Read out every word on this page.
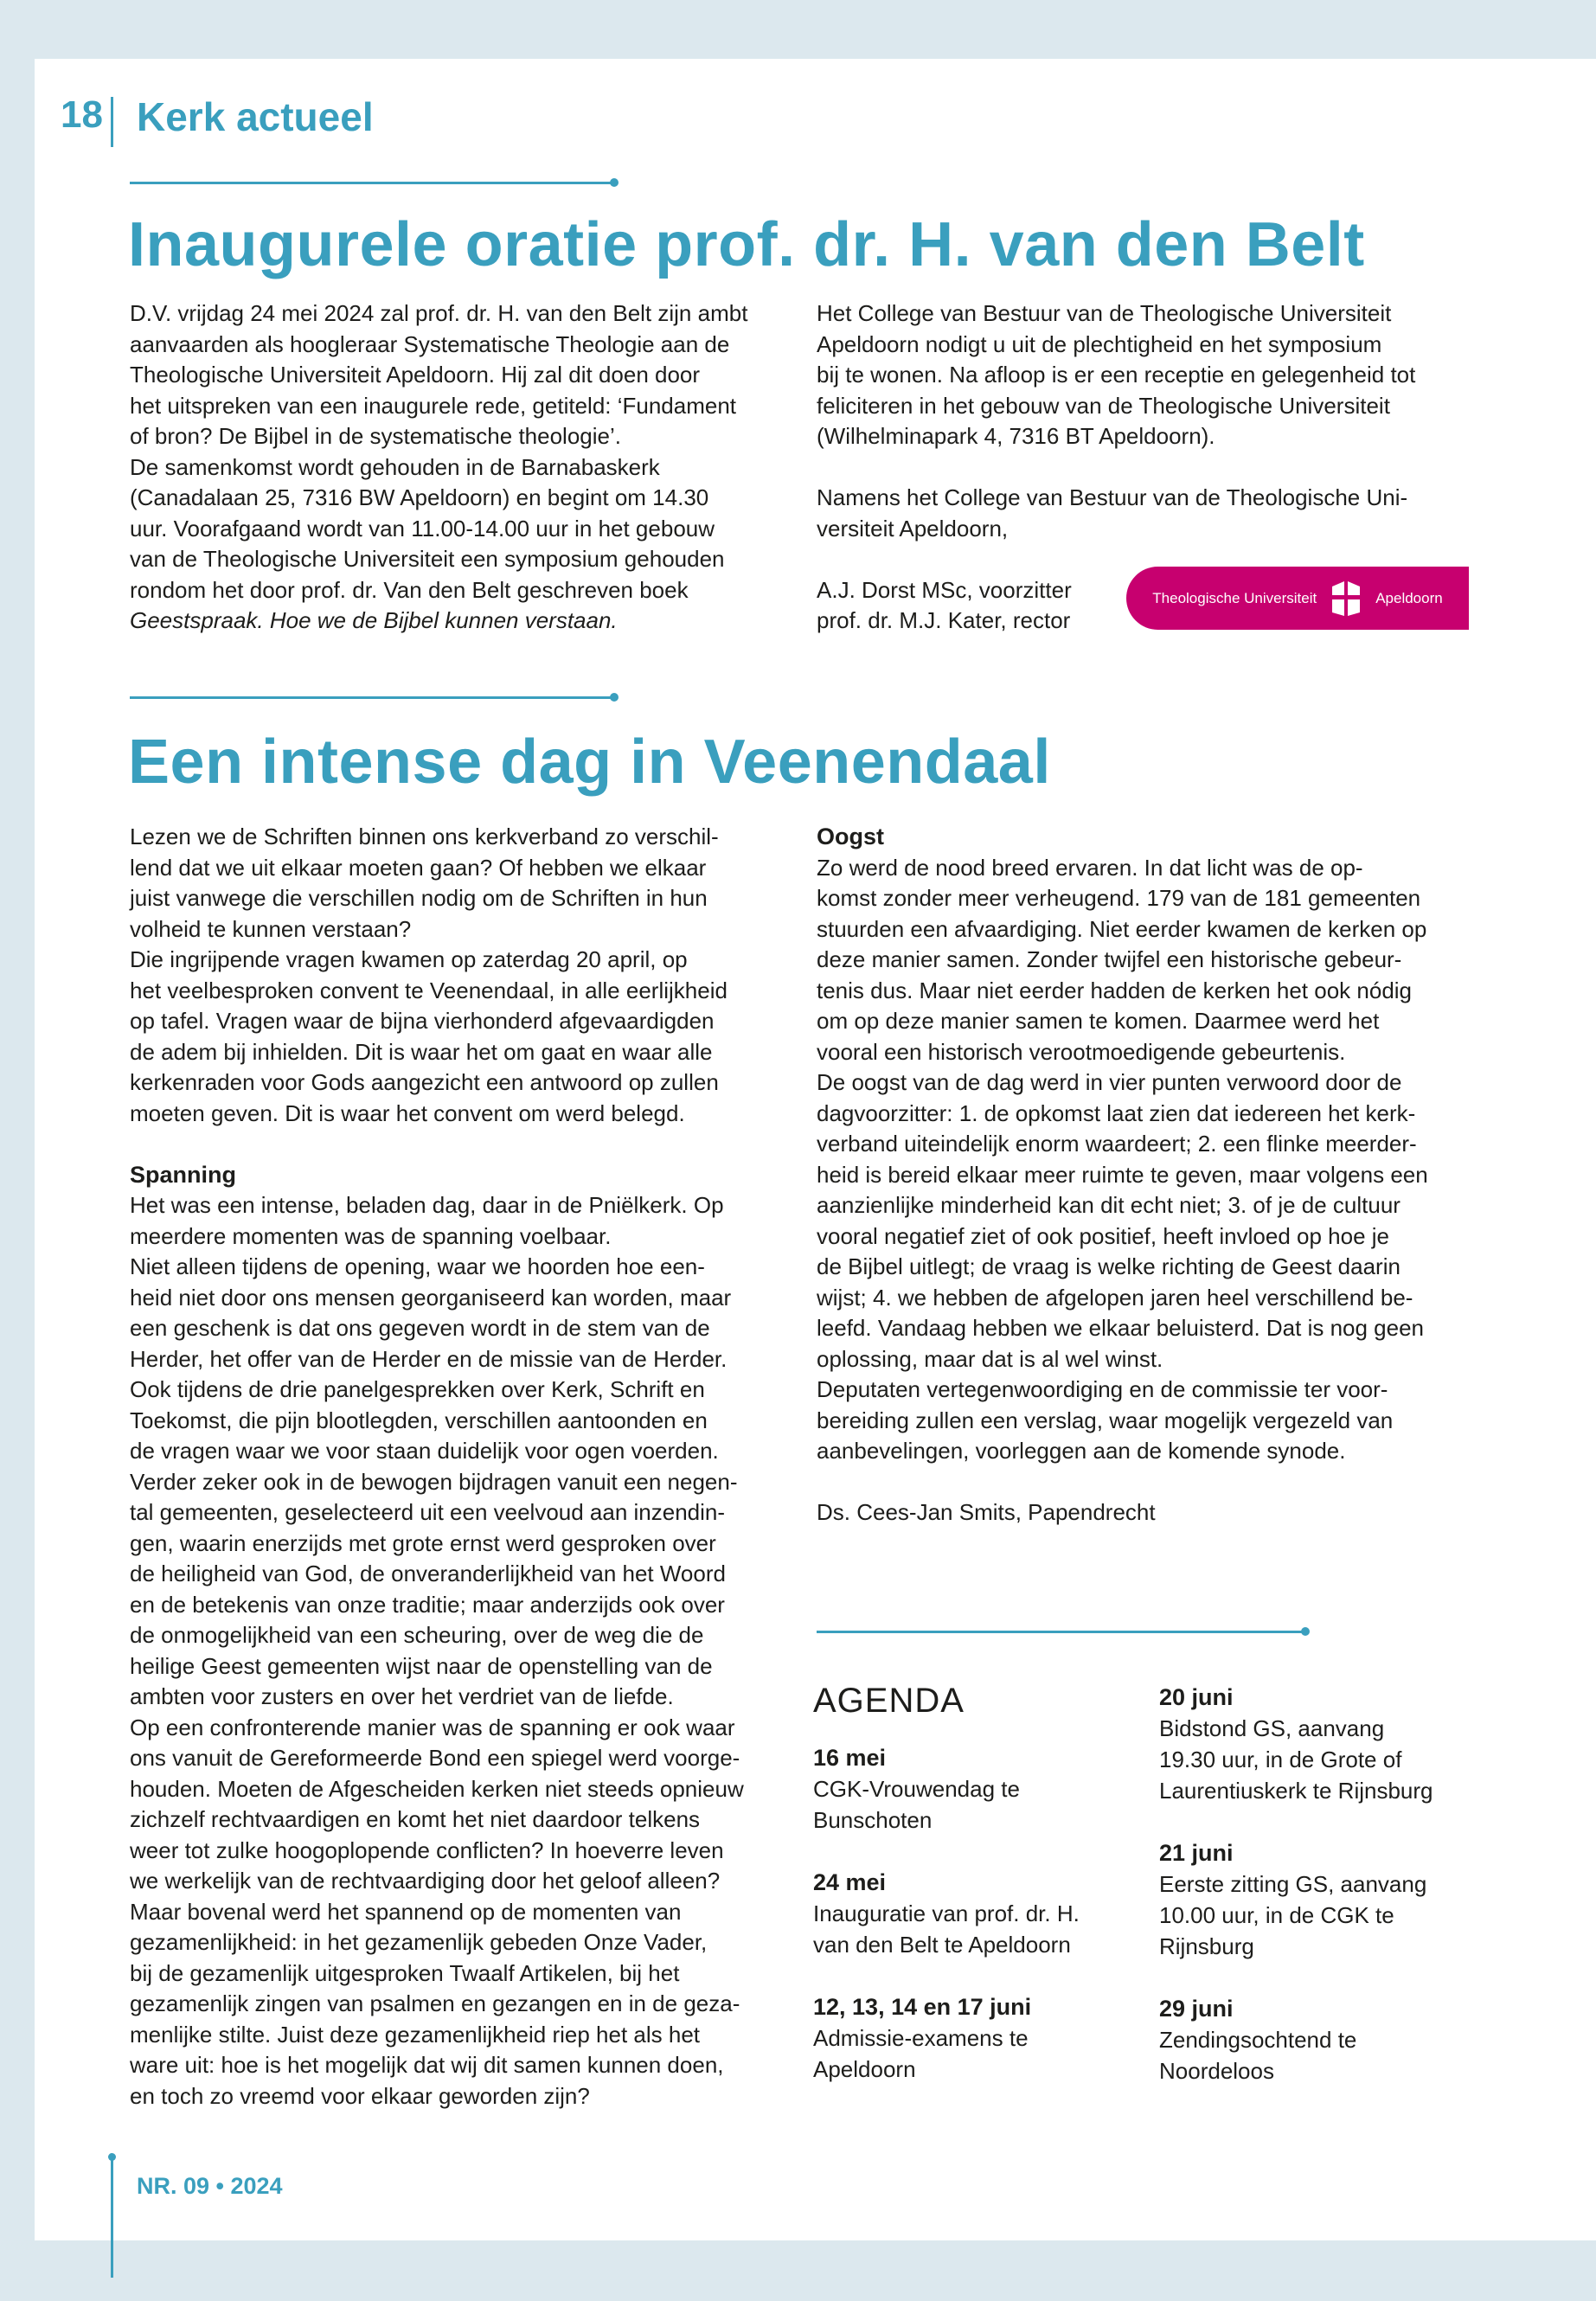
18 Kerk actueel
Inaugurele oratie prof. dr. H. van den Belt

D.V. vrijdag 24 mei 2024 zal prof. dr. H. van den Belt zijn ambt

aanvaarden als hoogleraar Systematische Theologie aan de

Theologische Universiteit Apeldoorn. Hij zal dit doen door

het uitspreken van een inaugurele rede, getiteld: ‘Fundament

of bron? De Bijbel in de systematische theologie’.

De samenkomst wordt gehouden in de Barnabaskerk

(Canadalaan 25, 7316 BW Apeldoorn) en begint om 14.30

uur. Voorafgaand wordt van 11.00-14.00 uur in het gebouw

van de Theologische Universiteit een symposium gehouden

rondom het door prof. dr. Van den Belt geschreven boek

Geestspraak. Hoe we de Bijbel kunnen verstaan.

Het College van Bestuur van de Theologische Universiteit

Apeldoorn nodigt u uit de plechtigheid en het symposium

bij te wonen. Na afloop is er een receptie en gelegenheid tot

feliciteren in het gebouw van de Theologische Universiteit

(Wilhelminapark 4, 7316 BT Apeldoorn).

Namens het College van Bestuur van de Theologische Uni-

versiteit Apeldoorn,

A.J. Dorst MSc, voorzitter

prof. dr. M.J. Kater, rector

Theologische Universiteit	Apeldoorn
Een intense dag in Veenendaal

Lezen we de Schriften binnen ons kerkverband zo verschil-

lend dat we uit elkaar moeten gaan? Of hebben we elkaar

juist vanwege die verschillen nodig om de Schriften in hun

volheid te kunnen verstaan?

Die ingrijpende vragen kwamen op zaterdag 20 april, op

het veelbesproken convent te Veenendaal, in alle eerlijkheid

op tafel. Vragen waar de bijna vierhonderd afgevaardigden

de adem bij inhielden. Dit is waar het om gaat en waar alle

kerkenraden voor Gods aangezicht een antwoord op zullen

moeten geven. Dit is waar het convent om werd belegd.

Spanning

Het was een intense, beladen dag, daar in de Pniëlkerk. Op

meerdere momenten was de spanning voelbaar.

Niet alleen tijdens de opening, waar we hoorden hoe een-

heid niet door ons mensen georganiseerd kan worden, maar

een geschenk is dat ons gegeven wordt in de stem van de

Herder, het offer van de Herder en de missie van de Herder.

Ook tijdens de drie panelgesprekken over Kerk, Schrift en

Toekomst, die pijn blootlegden, verschillen aantoonden en

de vragen waar we voor staan duidelijk voor ogen voerden.

Verder zeker ook in de bewogen bijdragen vanuit een negen-

tal gemeenten, geselecteerd uit een veelvoud aan inzendin-

gen, waarin enerzijds met grote ernst werd gesproken over

de heiligheid van God, de onveranderlijkheid van het Woord

en de betekenis van onze traditie; maar anderzijds ook over

de onmogelijkheid van een scheuring, over de weg die de

heilige Geest gemeenten wijst naar de openstelling van de

ambten voor zusters en over het verdriet van de liefde.

Op een confronterende manier was de spanning er ook waar

ons vanuit de Gereformeerde Bond een spiegel werd voorge-

houden. Moeten de Afgescheiden kerken niet steeds opnieuw

zichzelf rechtvaardigen en komt het niet daardoor telkens

weer tot zulke hoogoplopende conflicten? In hoeverre leven

we werkelijk van de rechtvaardiging door het geloof alleen?

Maar bovenal werd het spannend op de momenten van

gezamenlijkheid: in het gezamenlijk gebeden Onze Vader,

bij de gezamenlijk uitgesproken Twaalf Artikelen, bij het

gezamenlijk zingen van psalmen en gezangen en in de geza-

menlijke stilte. Juist deze gezamenlijkheid riep het als het

ware uit: hoe is het mogelijk dat wij dit samen kunnen doen,

en toch zo vreemd voor elkaar geworden zijn?

Oogst

Zo werd de nood breed ervaren. In dat licht was de op-

komst zonder meer verheugend. 179 van de 181 gemeenten

stuurden een afvaardiging. Niet eerder kwamen de kerken op

deze manier samen. Zonder twijfel een historische gebeur-

tenis dus. Maar niet eerder hadden de kerken het ook nódig

om op deze manier samen te komen. Daarmee werd het

vooral een historisch verootmoedigende gebeurtenis.

De oogst van de dag werd in vier punten verwoord door de

dagvoorzitter: 1. de opkomst laat zien dat iedereen het kerk-

verband uiteindelijk enorm waardeert; 2. een flinke meerder-

heid is bereid elkaar meer ruimte te geven, maar volgens een

aanzienlijke minderheid kan dit echt niet; 3. of je de cultuur

vooral negatief ziet of ook positief, heeft invloed op hoe je

de Bijbel uitlegt; de vraag is welke richting de Geest daarin

wijst; 4. we hebben de afgelopen jaren heel verschillend be-

leefd. Vandaag hebben we elkaar beluisterd. Dat is nog geen

oplossing, maar dat is al wel winst.

Deputaten vertegenwoordiging en de commissie ter voor-

bereiding zullen een verslag, waar mogelijk vergezeld van

aanbevelingen, voorleggen aan de komende synode.

Ds. Cees-Jan Smits, Papendrecht

AGENDA
16 mei
CGK-Vrouwendag te
Bunschoten
24 mei
Inauguratie van prof. dr. H.
van den Belt te Apeldoorn
12, 13, 14 en 17 juni
Admissie-examens te
Apeldoorn
20 juni
Bidstond GS, aanvang
19.30 uur, in de Grote of
Laurentiuskerk te Rijnsburg
21 juni
Eerste zitting GS, aanvang
10.00 uur, in de CGK te
Rijnsburg
29 juni
Zendingsochtend te
Noordeloos
NR. 09 • 2024
